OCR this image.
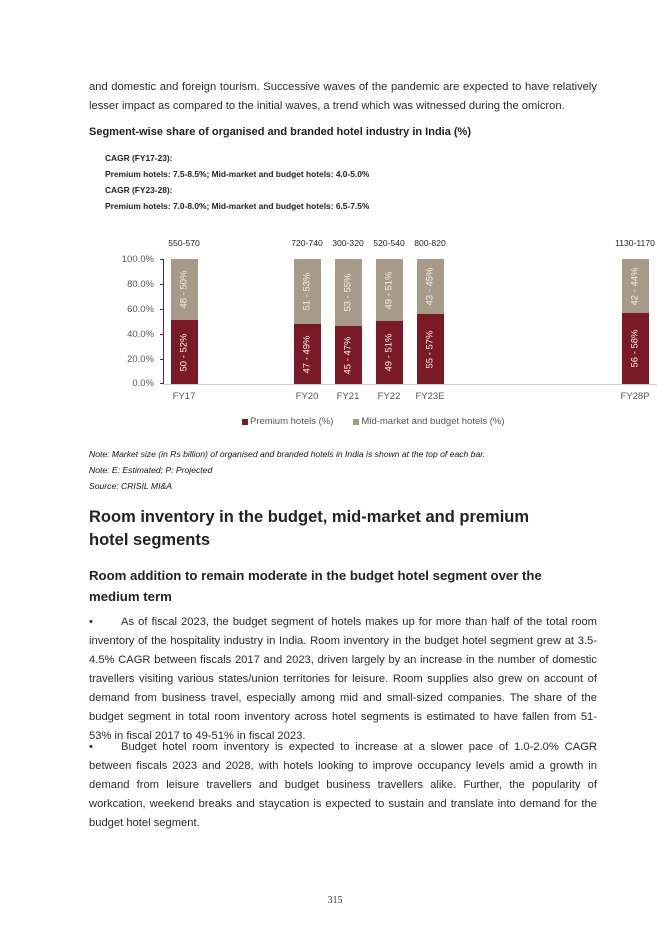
and domestic and foreign tourism. Successive waves of the pandemic are expected to have relatively lesser impact as compared to the initial waves, a trend which was witnessed during the omicron.
Segment-wise share of organised and branded hotel industry in India (%)
CAGR (FY17-23):
Premium hotels: 7.5-8.5%; Mid-market and budget hotels: 4.0-5.0%
CAGR (FY23-28):
Premium hotels: 7.0-8.0%; Mid-market and budget hotels: 6.5-7.5%
100.0%
80.0%
60.0%
40.0%
20.0%
0.0%
48 - 50%
50 - 52%
550-570
FY17
51 - 53%
47 - 49%
720-740
FY20
53 - 55%
45 - 47%
300-320
FY21
49 - 51%
49 - 51%
520-540
FY22
43 - 45%
55 - 57%
800-820
FY23E
42 - 44%
56 - 58%
1130-1170
FY28P
Premium hotels (%)	Mid-market and budget hotels (%)
Note: Market size (in Rs billion) of organised and branded hotels in India is shown at the top of each bar.
Note: E: Estimated; P: Projected
Source: CRISIL MI&A
Room inventory in the budget, mid-market and premium hotel segments
Room addition to remain moderate in the budget hotel segment over the medium term
•	As of fiscal 2023, the budget segment of hotels makes up for more than half of the total room inventory of the hospitality industry in India. Room inventory in the budget hotel segment grew at 3.5-4.5% CAGR between fiscals 2017 and 2023, driven largely by an increase in the number of domestic travellers visiting various states/union territories for leisure. Room supplies also grew on account of demand from business travel, especially among mid and small-sized companies. The share of the budget segment in total room inventory across hotel segments is estimated to have fallen from 51-53% in fiscal 2017 to 49-51% in fiscal 2023.
•	Budget hotel room inventory is expected to increase at a slower pace of 1.0-2.0% CAGR between fiscals 2023 and 2028, with hotels looking to improve occupancy levels amid a growth in demand from leisure travellers and budget business travellers alike. Further, the popularity of workcation, weekend breaks and staycation is expected to sustain and translate into demand for the budget hotel segment.
315
